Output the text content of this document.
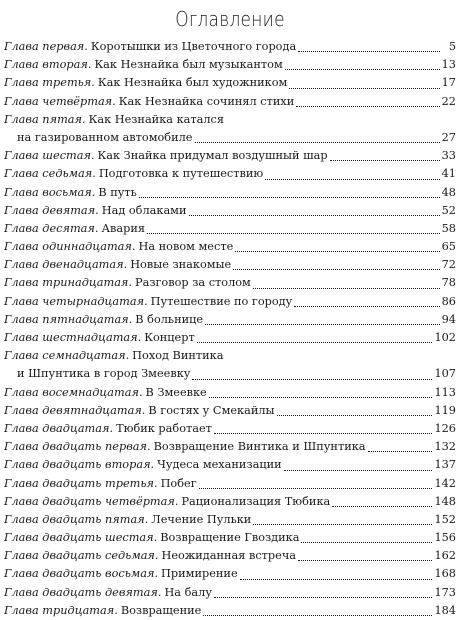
Оглавление
Глава первая. Коротышки из Цветочного города	5
Глава вторая. Как Незнайка был музыкантом	13
Глава третья. Как Незнайка был художником	17
Глава четвёртая. Как Незнайка сочинял стихи	22
Глава пятая. Как Незнайка катался
на газированном автомобиле	27
Глава шестая. Как Знайка придумал воздушный шар	33
Глава седьмая. Подготовка к путешествию	41
Глава восьмая. В путь	48
Глава девятая. Над облаками	52
Глава десятая. Авария	58
Глава одиннадцатая. На новом месте	65
Глава двенадцатая. Новые знакомые	72
Глава тринадцатая. Разговор за столом	78
Глава четырнадцатая. Путешествие по городу	86
Глава пятнадцатая. В больнице	94
Глава шестнадцатая. Концерт	102
Глава семнадцатая. Поход Винтика
и Шпунтика в город Змеевку	107
Глава восемнадцатая. В Змеевке	113
Глава девятнадцатая. В гостях у Смекайлы	119
Глава двадцатая. Тюбик работает	126
Глава двадцать первая. Возвращение Винтика и Шпунтика	132
Глава двадцать вторая. Чудеса механизации	137
Глава двадцать третья. Побег	142
Глава двадцать четвёртая. Рационализация Тюбика	148
Глава двадцать пятая. Лечение Пульки	152
Глава двадцать шестая. Возвращение Гвоздика	156
Глава двадцать седьмая. Неожиданная встреча	162
Глава двадцать восьмая. Примирение	168
Глава двадцать девятая. На балу	173
Глава тридцатая. Возвращение	184
